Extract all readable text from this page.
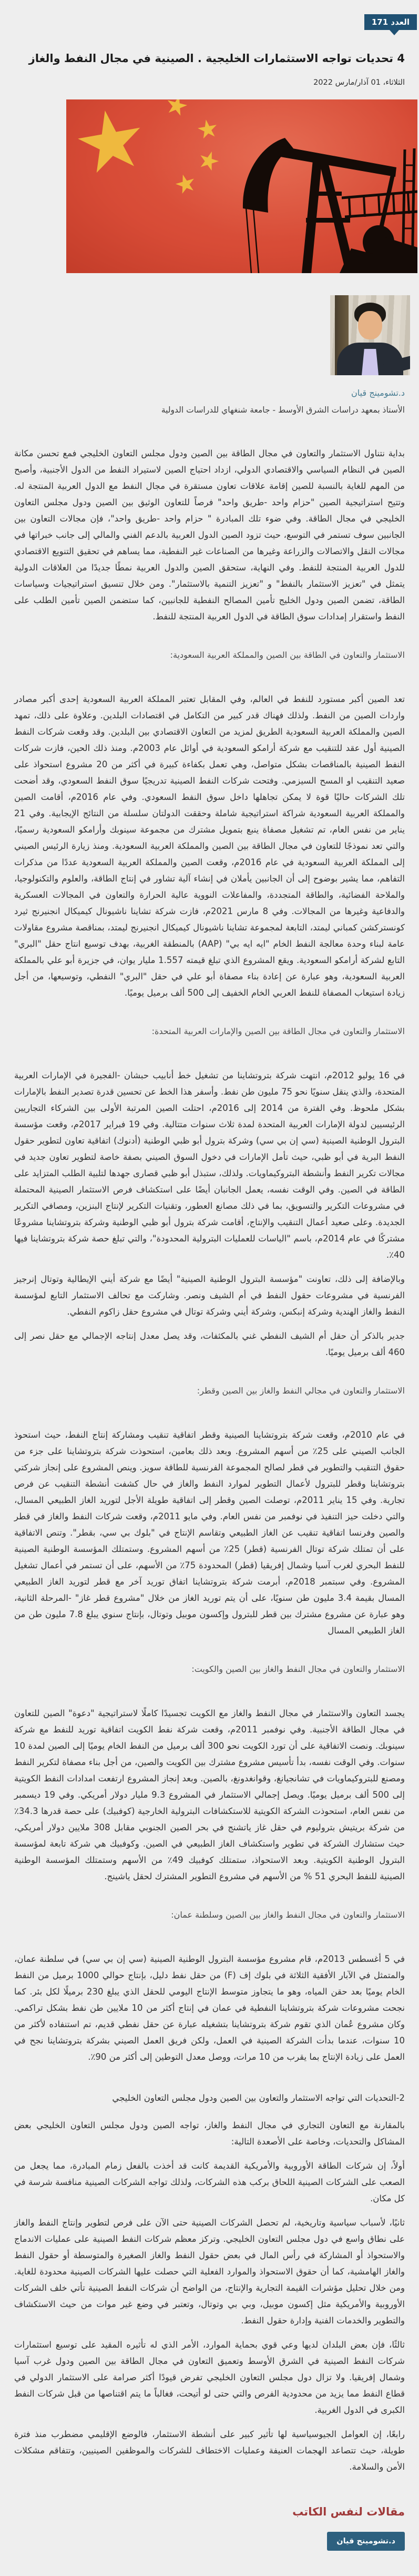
العدد 171
4 تحديات تواجه الاستثمارات الخليجية . الصينية في مجال النفط والغاز
الثلاثاء، 01 آذار/مارس 2022
د.تشومينج قيان
الأستاذ بمعهد دراسات الشرق الأوسط - جامعة شنغهاي للدراسات الدولية

بداية نتناول الاستثمار والتعاون في مجال الطاقة بين الصين ودول مجلس التعاون الخليجي فمع تحسن مكانة الصين في النظام السياسي والاقتصادي الدولي، ازداد احتياج الصين لاستيراد النفط من الدول الأجنبية، وأصبح من المهم للغاية بالنسبة للصين إقامة علاقات تعاون مستقرة في مجال النفط مع الدول العربية المنتجة له. وتتيح استراتيجية الصين "حزام واحد -طريق واحد" فرصاً للتعاون الوثيق بين الصين ودول مجلس التعاون الخليجي في مجال الطاقة. وفي ضوء تلك المبادرة " حزام واحد -طريق واحد"، فإن مجالات التعاون بين الجانبين سوف تستمر في التوسع، حيث تزود الصين الدول العربية بالدعم الفني والمالي إلى جانب خبراتها في مجالات النقل والاتصالات والزراعة وغيرها من الصناعات غير النفطية، مما يساهم في تحقيق التنويع الاقتصادي للدول العربية المنتجة للنفط. وفي النهاية، ستحقق الصين والدول العربية نمطًا جديدًا من العلاقات الدولية يتمثل في "تعزيز الاستثمار بالنفط" و "تعزيز التنمية بالاستثمار". ومن خلال تنسيق استراتيجيات وسياسات الطاقة، تضمن الصين ودول الخليج تأمين المصالح النفطية للجانبين، كما ستضمن الصين تأمين الطلب على النفط واستقرار إمدادات سوق الطاقة في الدول العربية المنتجة للنفط.

الاستثمار والتعاون في الطاقة بين الصين والمملكة العربية السعودية:

تعد الصين أكبر مستورد للنفط في العالم، وفي المقابل تعتبر المملكة العربية السعودية إحدى أكبر مصادر واردات الصين من النفط. ولذلك فهناك قدر كبير من التكامل في اقتصادات البلدين. وعلاوة على ذلك، تمهد الصين والمملكة العربية السعودية الطريق لمزيد من التعاون الاقتصادي بين البلدين. وقد وقعت شركات النفط الصينية أول عقد للتنقيب مع شركة أرامكو السعودية في أوائل عام 2003م. ومنذ ذلك الحين، فازت شركات النفط الصينية بالمناقصات بشكل متواصل، وهي تعمل بكفاءة كبيرة في أكثر من 20 مشروع استحواذ على صعيد التنقيب او المسح السيزمي. وفتحت شركات النفط الصينية تدريجيًا سوق النفط السعودي، وقد أضحت تلك الشركات حاليًا قوة لا يمكن تجاهلها داخل سوق النفط السعودي. وفي عام 2016م، أقامت الصين والمملكة العربية السعودية شراكة استراتيجية شاملة وحققت الدولتان سلسلة من النتائج الإيجابية. وفي 21 يناير من نفس العام، تم تشغيل مصفاة ينبع بتمويل مشترك من مجموعة سينوبك وأرامكو السعودية رسميًا، والتي تعد نموذجًا للتعاون في مجال الطاقة بين الصين والمملكة العربية السعودية. ومنذ زيارة الرئيس الصيني إلى المملكة العربية السعودية في عام 2016م، وقعت الصين والمملكة العربية السعودية عددًا من مذكرات التفاهم، مما يشير بوضوح إلى أن الجانبين يأملان في إنشاء آلية تشاور في إنتاج الطاقة، والعلوم والتكنولوجيا، والملاحة الفضائية، والطاقة المتجددة، والمفاعلات النووية عالية الحرارة والتعاون في المجالات العسكرية والدفاعية وغيرها من المجالات. وفي 8 مارس 2021م، فازت شركة تشاينا ناشيونال كيميكال انجنيرنج ثيرد كونستركشن كمباني ليمتد، التابعة لمجموعة تشاينا ناشيونال كيميكال انجنيرنج ليمتد، بمناقصة مشروع مقاولات عامة لبناء وحدة معالجة النفط الخام "ايه ايه بي" (AAP) بالمنطقة الغربية، بهدف توسيع انتاج حقل "البري" التابع لشركة أرامكو السعودية. ويقع المشروع الذي تبلغ قيمته 1.557 مليار يوان، في جزيرة أبو علي بالمملكة العربية السعودية، وهو عبارة عن إعادة بناء مصفاة أبو علي في حقل "البري" النفطي، وتوسيعها، من أجل زيادة استيعاب المصفاة للنفط العربي الخام الخفيف إلى 500 ألف برميل يوميًا.

الاستثمار والتعاون في مجال الطاقة بين الصين والإمارات العربية المتحدة:

في 16 يوليو 2012م، انتهت شركة بتروتشاينا من تشغيل خط أنابيب حبشان -الفجيرة في الإمارات العربية المتحدة، والذي ينقل سنويًا نحو 75 مليون طن نفط. وأسفر هذا الخط عن تحسين قدرة تصدير النفط بالإمارات بشكل ملحوظ. وفي الفترة من 2014 إلى 2016م، احتلت الصين المرتبة الأولى بين الشركاء التجاريين الرئيسيين لدولة الإمارات العربية المتحدة لمدة ثلاث سنوات متتالية. وفي 19 فبراير 2017م، وقعت مؤسسة البترول الوطنية الصينية (سي إن بي سي) وشركة بترول أبو ظبي الوطنية (أدنوك) اتفاقية تعاون لتطوير حقول النفط البرية في أبو ظبي، حيث تأمل الإمارات في دخول السوق الصيني بصفة خاصة لتطوير تعاون جديد في مجالات تكرير النفط وأنشطة البتروكيماويات. ولذلك، ستبذل أبو ظبي قصارى جهدها لتلبية الطلب المتزايد على الطاقة في الصين. وفي الوقت نفسه، يعمل الجانبان أيضًا على استكشاف فرص الاستثمار الصينية المحتملة في مشروعات التكرير والتسويق، بما في ذلك مصانع العطور، وتقنيات التكرير لإنتاج البنزين، ومصافي التكرير الجديدة. وعلى صعيد أعمال التنقيب والإنتاج، أقامت شركة بترول أبو ظبي الوطنية وشركة بتروتشاينا مشروعًا مشتركًا في عام 2014م، باسم "الياسات للعمليات البترولية المحدودة"، والتي تبلغ حصة شركة بتروتشاينا فيها 40٪.

وبالإضافة إلى ذلك، تعاونت "مؤسسة البترول الوطنية الصينية" أيضًا مع شركة أيني الإيطالية وتوتال إنرجيز الفرنسية في مشروعات حقول النفط في أم الشيف ونصر. وشاركت مع تحالف الاستثمار التابع لمؤسسة النفط والغاز الهندية وشركة إنبكس، وشركة أيني وشركة توتال في مشروع حقل زاكوم النفطي.

جدير بالذكر أن حقل أم الشيف النفطي غني بالمكثفات، وقد يصل معدل إنتاجه الإجمالي مع حقل نصر إلى 460 ألف برميل يوميًا.

الاستثمار والتعاون في مجالي النفط والغاز بين الصين وقطر:

في عام 2010م، وقعت شركة بتروتشاينا الصينية وقطر اتفاقية تنقيب ومشاركة إنتاج النفط، حيث استحوذ الجانب الصيني على 25٪ من أسهم المشروع. وبعد ذلك بعامين، استحوذت شركة بتروتشاينا على جزء من حقوق التنقيب والتطوير في قطر لصالح المجموعة الفرنسية للطاقة سويز. وينص المشروع على إنجاز شركتي بتروتشاينا وقطر للبترول لأعمال التطوير لموارد النفط والغاز في حال كشفت أنشطة التنقيب عن فرص تجارية. وفي 15 يناير 2011م، توصلت الصين وقطر إلى اتفاقية طويلة الأجل لتوريد الغاز الطبيعي المسال، والتي دخلت حيز التنفيذ في نوفمبر من نفس العام. وفي مايو 2011م، وقعت شركات النفط والغاز في قطر والصين وفرنسا اتفاقية تنقيب عن الغاز الطبيعي وتقاسم الإنتاج في "بلوك بي سي، بقطر". وتنص الاتفاقية على أن تمتلك شركة توتال الفرنسية (قطر) 25٪ من أسهم المشروع. وستمتلك المؤسسة الوطنية الصينية للنفط البحري لغرب آسيا وشمال إفريقيا (قطر) المحدودة 75٪ من الأسهم، على أن تستمر في أعمال تشغيل المشروع. وفي سبتمبر 2018م، أبرمت شركة بتروتشاينا اتفاق توريد آخر مع قطر لتوريد الغاز الطبيعي المسال بقيمة 3.4 مليون طن سنويًا، على أن يتم توريد الغاز من خلال "مشروع قطر غاز" -المرحلة الثانية، وهو عبارة عن مشروع مشترك بين قطر للبترول وإكسون موبيل وتوتال، بإنتاج سنوي يبلغ 7.8 مليون طن من الغاز الطبيعي المسال

الاستثمار والتعاون في مجال النفط والغاز بين الصين والكويت:

يجسد التعاون والاستثمار في مجال النفط والغاز مع الكويت تجسيدًا كاملًا لاستراتيجية "دعوة" الصين للتعاون في مجال الطاقة الأجنبية. وفي نوفمبر 2011م، وقعت شركة نفط الكويت اتفاقية توريد للنفط مع شركة سينوبك. ونصت الاتفاقية على أن تورد الكويت نحو 300 ألف برميل من النفط الخام يوميًا إلى الصين لمدة 10 سنوات. وفي الوقت نفسه، بدأ تأسيس مشروع مشترك بين الكويت والصين، من أجل بناء مصفاة لتكرير النفط ومصنع للبتروكيماويات في تشانجيانغ، وقوانغدونغ، بالصين. وبعد إنجاز المشروع ارتفعت امدادات النفط الكويتية إلى 500 ألف برميل يوميًا. ويصل إجمالي الاستثمار في المشروع 9.3 مليار دولار أمريكي. وفي 19 ديسمبر من نفس العام، استحوذت الشركة الكويتية للاستكشافات البترولية الخارجية (كوفبيك) على حصة قدرها 34.3٪ من شركة بريتيش بتروليوم في حقل غاز ياتشنج في بحر الصين الجنوبي مقابل 308 ملايين دولار أمريكي، حيث ستشارك الشركة في تطوير واستكشاف الغاز الطبيعي في الصين. وكوفبيك هي شركة تابعة لمؤسسة البترول الوطنية الكويتية. وبعد الاستحواذ، ستمتلك كوفبيك 49٪ من الأسهم وستمتلك المؤسسة الوطنية الصينية للنفط البحري 51 % من الأسهم في مشروع التطوير المشترك لحقل ياشينج.

الاستثمار والتعاون في مجال النفط والغاز بين الصين وسلطنة عمان:

في 5 أغسطس 2013م، قام مشروع مؤسسة البترول الوطنية الصينية (سي إن بي سي) في سلطنة عمان، والمتمثل في الآبار الأفقية الثلاثة في بلوك إف (F) من حقل نفط دليل، بإنتاج حوالي 1000 برميل من النفط الخام يوميًا بعد حقن المياه، وهو ما يتجاوز متوسط الإنتاج اليومي للحقل الذي يبلغ 230 برميلًا لكل بئر. كما نجحت مشروعات شركة بتروتشاينا النفطية في عمان في إنتاج أكثر من 10 ملايين طن نفط بشكل تراكمي. وكان مشروع عُمان الذي تقوم شركة بتروتشاينا بتشغيله عبارة عن حقل نفطي قديم، تم استنفاده لأكثر من 10 سنوات، عندما بدأت الشركة الصينية في العمل، ولكن فريق العمل الصيني بشركة بتروتشاينا نجح في العمل على زيادة الإنتاج بما يقرب من 10 مرات، ووصل معدل التوطين إلى أكثر من 90٪.

2-التحديات التي تواجه الاستثمار والتعاون بين الصين ودول مجلس التعاون الخليجي

بالمقارنة مع التعاون التجاري في مجال النفط والغاز، تواجه الصين ودول مجلس التعاون الخليجي بعض المشاكل والتحديات، وخاصة على الأصعدة التالية:

أولاً، إن شركات الطاقة الأوروبية والأمريكية القديمة كانت قد أخذت بالفعل زمام المبادرة، مما يجعل من الصعب على الشركات الصينية اللحاق بركب هذه الشركات، ولذلك تواجه الشركات الصينية منافسة شرسة في كل مكان.

ثانيًا، لأسباب سياسية وتاريخية، لم تحصل الشركات الصينية حتى الآن على فرص لتطوير وإنتاج النفط والغاز على نطاق واسع في دول مجلس التعاون الخليجي. وتركز معظم شركات النفط الصينية على عمليات الاندماج والاستحواذ أو المشاركة في رأس المال في بعض حقول النفط والغاز الصغيرة والمتوسطة أو حقول النفط والغاز الهامشية، كما أن حقوق الاستحواذ والموارد الفعلية التي حصلت عليها الشركات الصينية محدودة للغاية. ومن خلال تحليل مؤشرات القيمة التجارية والإنتاج، من الواضح أن شركات النفط الصينية تأتي خلف الشركات الأوروبية والأمريكية مثل إكسون موبيل، وبي بي وتوتال، وتعتبر في وضع غير موات من حيث الاستكشاف والتطوير والخدمات الفنية وإدارة حقول النفط.

ثالثًا، فإن بعض البلدان لديها وعي قوي بحماية الموارد، الأمر الذي له تأثيره المقيد على توسيع استثمارات شركات النفط الصينية في الشرق الأوسط وتعميق التعاون في مجال الطاقة بين الصين ودول غرب آسيا وشمال إفريقيا. ولا تزال دول مجلس التعاون الخليجي تفرض قيودًا أكثر صرامة على الاستثمار الدولي في قطاع النفط مما يزيد من محدودية الفرص والتي حتى لو أتيحت، فغالباً ما يتم اقتناصها من قبل شركات النفط الكبرى في الدول الغربية.

رابعًا، إن العوامل الجيوسياسية لها تأثير كبير على أنشطة الاستثمار، فالوضع الإقليمي مضطرب منذ فترة طويلة، حيث تتصاعد الهجمات العنيفة وعمليات الاختطاف للشركات والموظفين الصينيين، وتتفاقم مشكلات الأمن والسلامة.

مقالات لنفس الكاتب
د.تشومينج قيان
